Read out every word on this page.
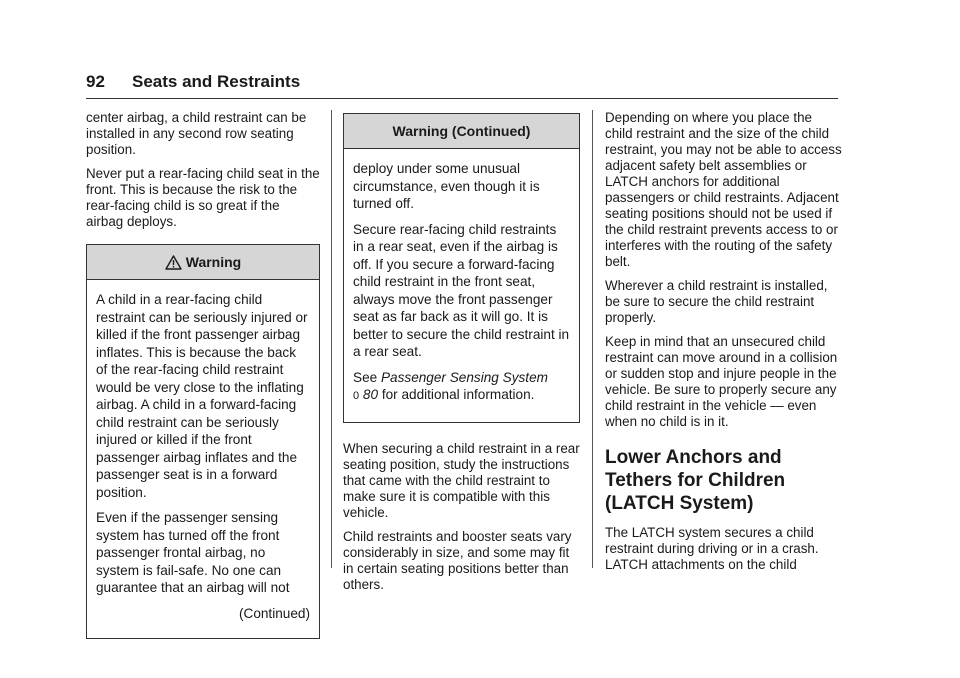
92 Seats and Restraints

center airbag, a child restraint can be installed in any second row seating position.

Never put a rear-facing child seat in the front. This is because the risk to the rear-facing child is so great if the airbag deploys.

Warning

A child in a rear-facing child restraint can be seriously injured or killed if the front passenger airbag inflates. This is because the back of the rear-facing child restraint would be very close to the inflating airbag. A child in a forward-facing child restraint can be seriously injured or killed if the front passenger airbag inflates and the passenger seat is in a forward position.

Even if the passenger sensing system has turned off the front passenger frontal airbag, no system is fail-safe. No one can guarantee that an airbag will not

(Continued)

Warning (Continued)

deploy under some unusual circumstance, even though it is turned off.

Secure rear-facing child restraints in a rear seat, even if the airbag is off. If you secure a forward-facing child restraint in the front seat, always move the front passenger seat as far back as it will go. It is better to secure the child restraint in a rear seat.

See Passenger Sensing System
0 80 for additional information.

When securing a child restraint in a rear seating position, study the instructions that came with the child restraint to make sure it is compatible with this vehicle.

Child restraints and booster seats vary considerably in size, and some may fit in certain seating positions better than others.

Depending on where you place the child restraint and the size of the child restraint, you may not be able to access adjacent safety belt assemblies or LATCH anchors for additional passengers or child restraints. Adjacent seating positions should not be used if the child restraint prevents access to or interferes with the routing of the safety belt.

Wherever a child restraint is installed, be sure to secure the child restraint properly.

Keep in mind that an unsecured child restraint can move around in a collision or sudden stop and injure people in the vehicle. Be sure to properly secure any child restraint in the vehicle — even when no child is in it.

Lower Anchors and
Tethers for Children
(LATCH System)

The LATCH system secures a child restraint during driving or in a crash. LATCH attachments on the child
